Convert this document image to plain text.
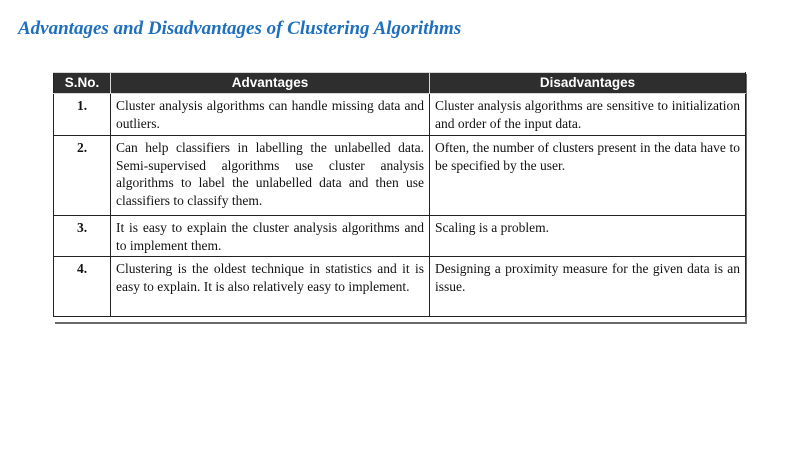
Advantages and Disadvantages of Clustering Algorithms
S.No.	Advantages	Disadvantages
1.	Cluster analysis algorithms can handle missing data and outliers.	Cluster analysis algorithms are sensitive to initialization and order of the input data.
2.	Can help classifiers in labelling the unlabelled data. Semi-supervised algorithms use cluster analysis algorithms to label the unlabelled data and then use classifiers to classify them.	Often, the number of clusters present in the data have to be specified by the user.
3.	It is easy to explain the cluster analysis algorithms and to implement them.	Scaling is a problem.
4.	Clustering is the oldest technique in statistics and it is easy to explain. It is also relatively easy to implement.	Designing a proximity measure for the given data is an issue.
